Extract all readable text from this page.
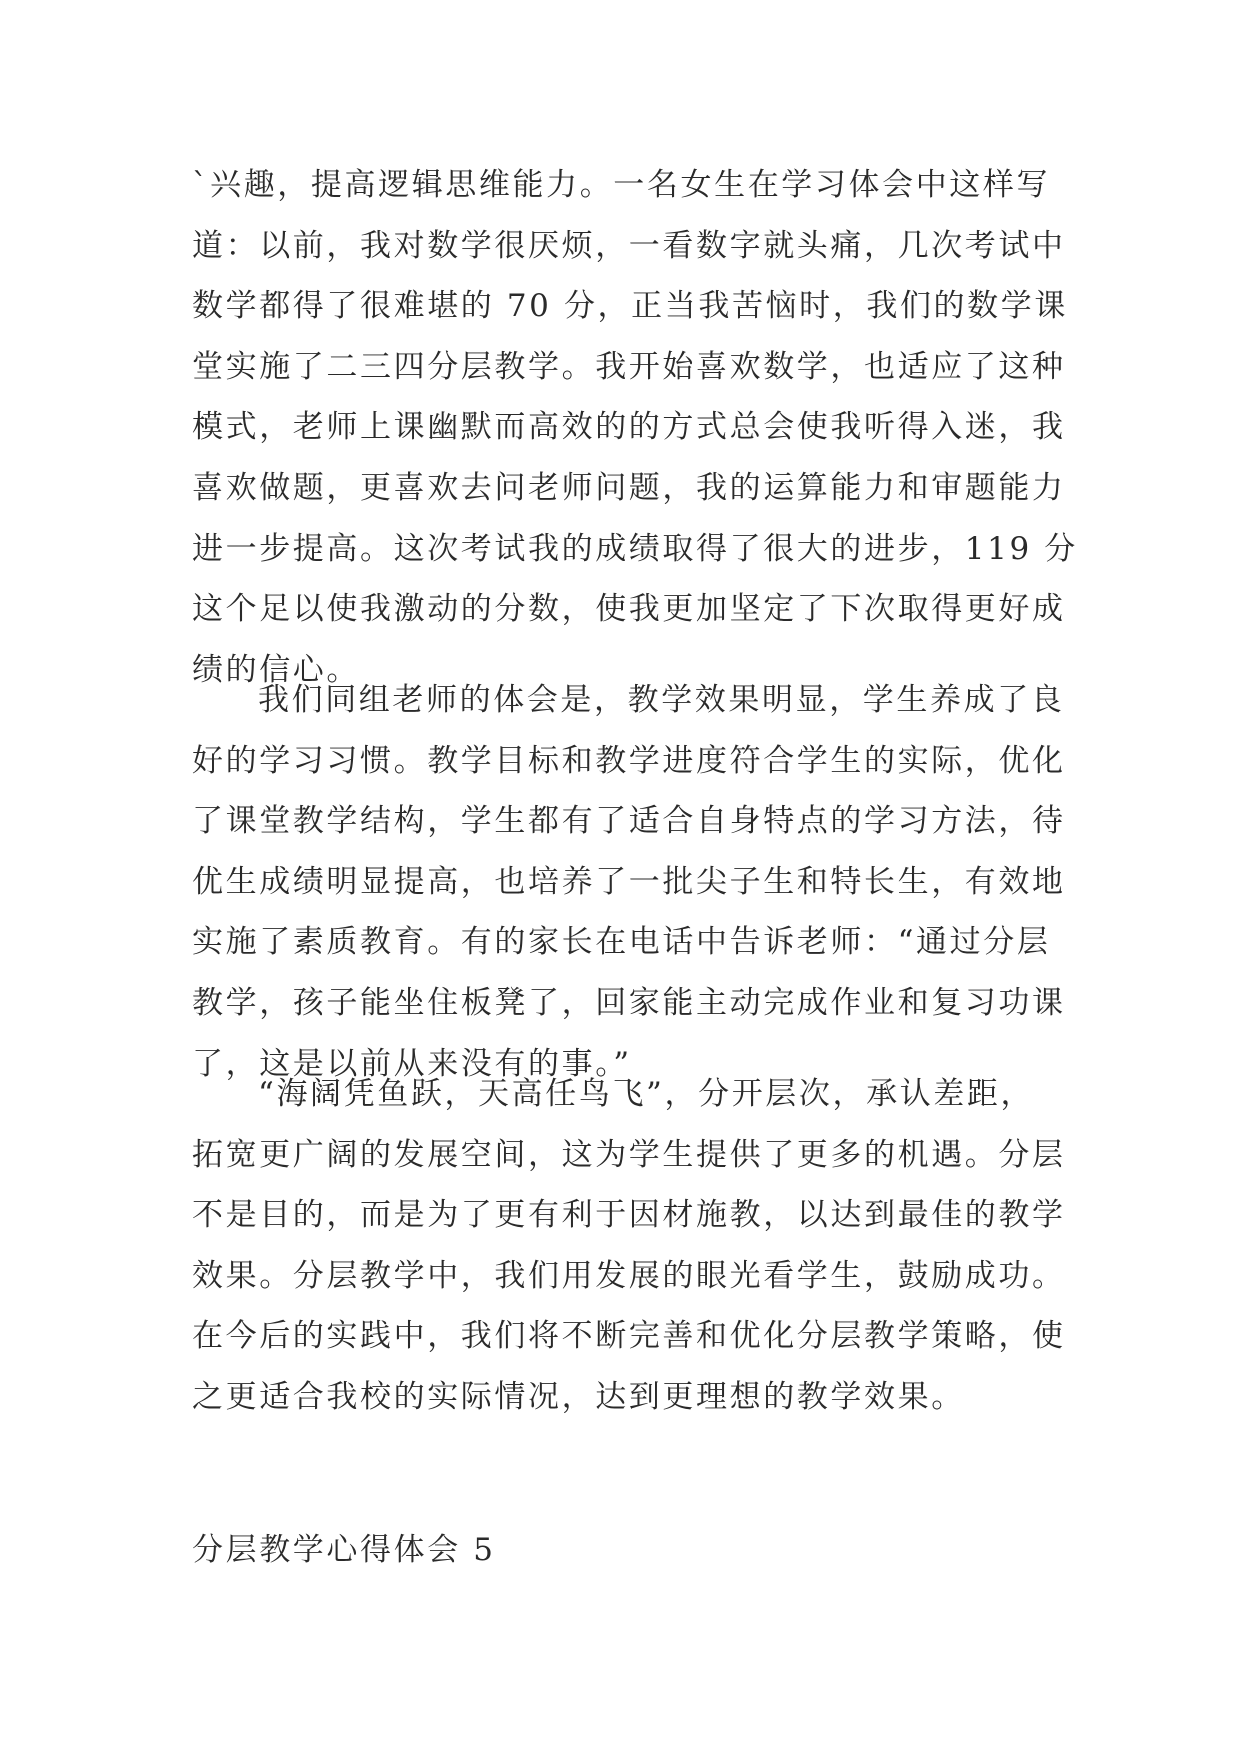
`兴趣，提高逻辑思维能力。一名女生在学习体会中这样写
道：以前，我对数学很厌烦，一看数字就头痛，几次考试中
数学都得了很难堪的 70 分，正当我苦恼时，我们的数学课
堂实施了二三四分层教学。我开始喜欢数学，也适应了这种
模式，老师上课幽默而高效的的方式总会使我听得入迷，我
喜欢做题，更喜欢去问老师问题，我的运算能力和审题能力
进一步提高。这次考试我的成绩取得了很大的进步，119 分
这个足以使我激动的分数，使我更加坚定了下次取得更好成
绩的信心。

我们同组老师的体会是，教学效果明显，学生养成了良
好的学习习惯。教学目标和教学进度符合学生的实际，优化
了课堂教学结构，学生都有了适合自身特点的学习方法，待
优生成绩明显提高，也培养了一批尖子生和特长生，有效地
实施了素质教育。有的家长在电话中告诉老师：“通过分层
教学，孩子能坐住板凳了，回家能主动完成作业和复习功课
了，这是以前从来没有的事。”

“海阔凭鱼跃，天高任鸟飞”，分开层次，承认差距，
拓宽更广阔的发展空间，这为学生提供了更多的机遇。分层
不是目的，而是为了更有利于因材施教，以达到最佳的教学
效果。分层教学中，我们用发展的眼光看学生，鼓励成功。
在今后的实践中，我们将不断完善和优化分层教学策略，使
之更适合我校的实际情况，达到更理想的教学效果。

分层教学心得体会 5
